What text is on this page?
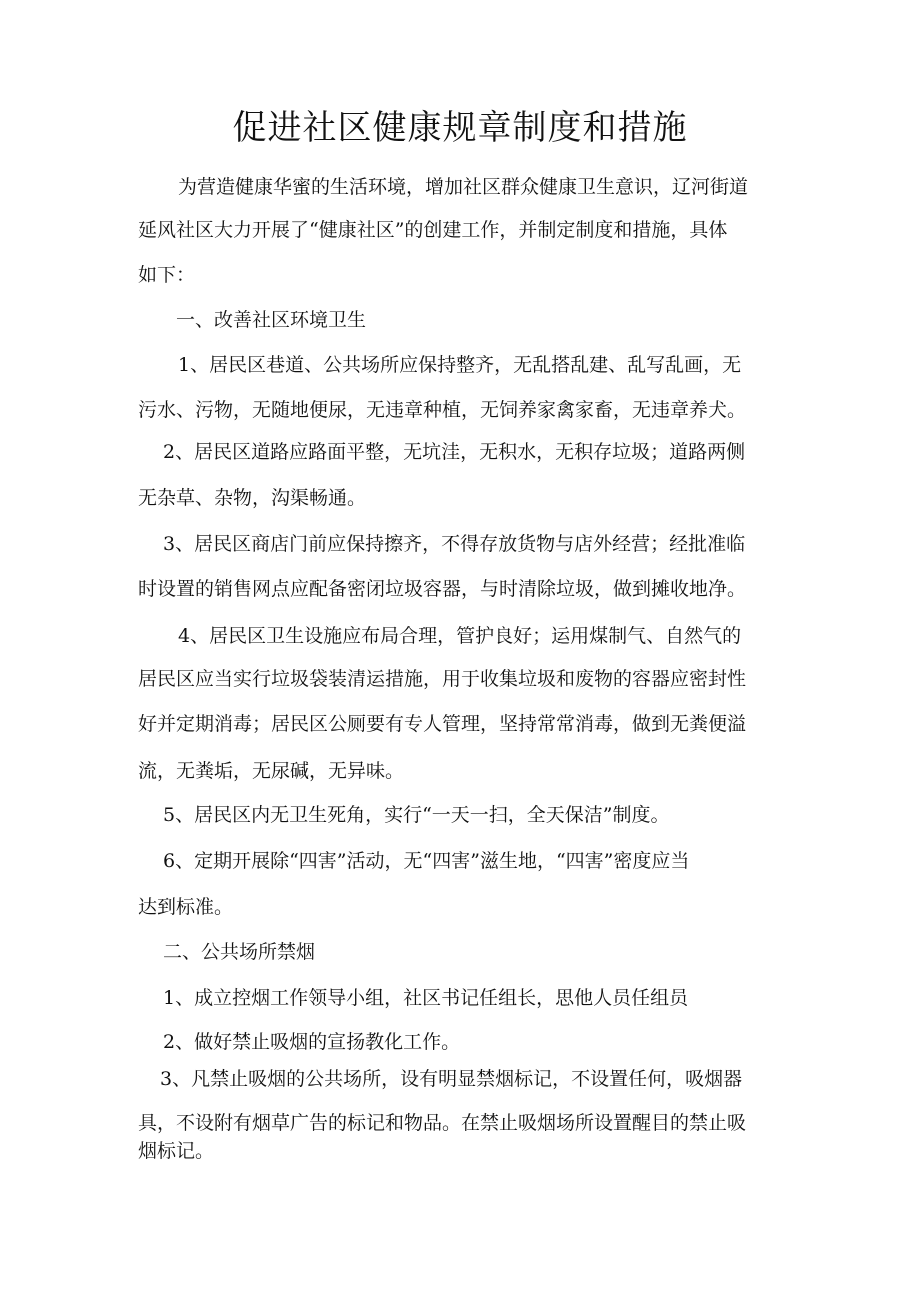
促进社区健康规章制度和措施
为营造健康华蜜的生活环境，增加社区群众健康卫生意识，辽河街道
延风社区大力开展了“健康社区”的创建工作，并制定制度和措施，具体
如下：
一、改善社区环境卫生
1、居民区巷道、公共场所应保持整齐，无乱搭乱建、乱写乱画，无
污水、污物，无随地便尿，无违章种植，无饲养家禽家畜，无违章养犬。
2、居民区道路应路面平整，无坑洼，无积水，无积存垃圾；道路两侧
无杂草、杂物，沟渠畅通。
3、居民区商店门前应保持擦齐，不得存放货物与店外经营；经批准临
时设置的销售网点应配备密闭垃圾容器，与时清除垃圾，做到摊收地净。
4、居民区卫生设施应布局合理，管护良好；运用煤制气、自然气的
居民区应当实行垃圾袋装清运措施，用于收集垃圾和废物的容器应密封性
好并定期消毒；居民区公厕要有专人管理，坚持常常消毒，做到无粪便溢
流，无粪垢，无尿碱，无异味。
5、居民区内无卫生死角，实行“一天一扫，全天保洁”制度。
6、定期开展除“四害”活动，无“四害”滋生地，“四害”密度应当
达到标准。
二、公共场所禁烟
1、成立控烟工作领导小组，社区书记任组长，思他人员任组员
2、做好禁止吸烟的宣扬教化工作。
3、凡禁止吸烟的公共场所，设有明显禁烟标记，不设置任何，吸烟器
具，不设附有烟草广告的标记和物品。在禁止吸烟场所设置醒目的禁止吸
烟标记。
